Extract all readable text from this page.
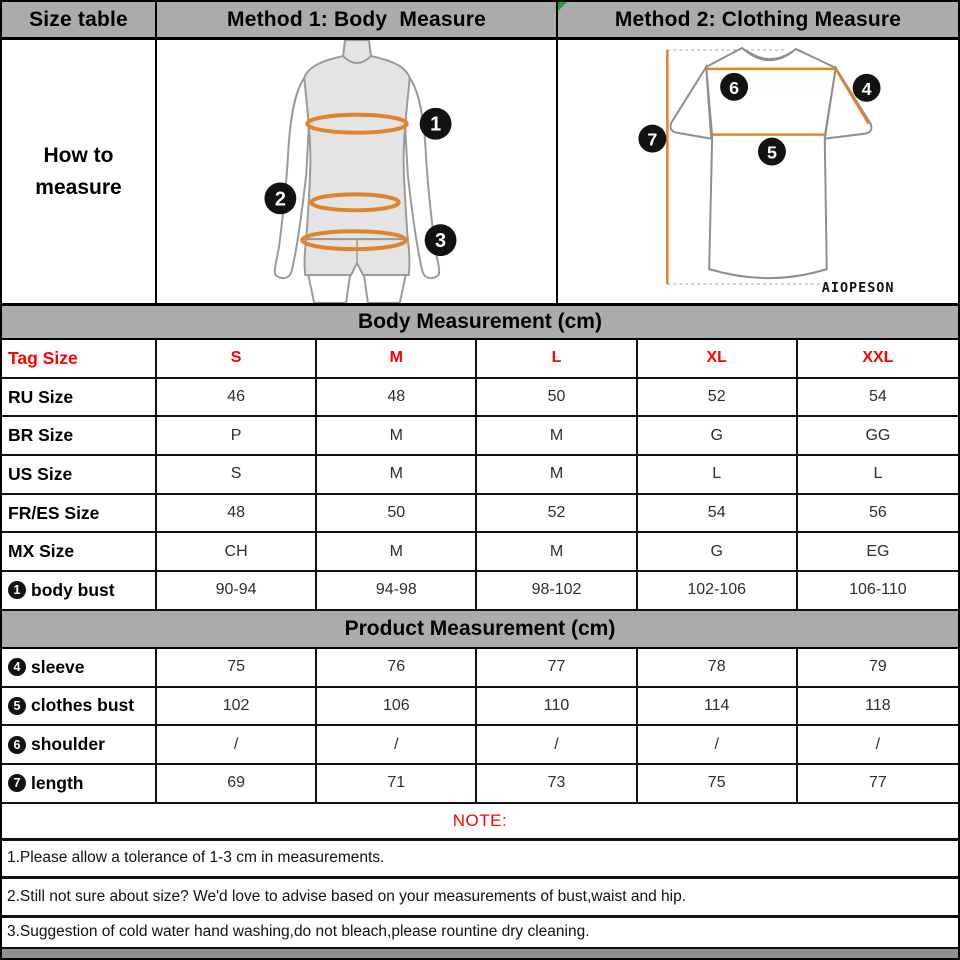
Size table	Method 1: Body  Measure	Method 2: Clothing Measure
How to
measure
1
2
3
6	4
7
5
AIOPESON
Body Measurement (cm)
Tag Size	S	M	L	XL	XXL
RU Size	46	48	50	52	54
BR Size	P	M	M	G	GG
US Size	S	M	M	L	L
FR/ES Size	48	50	52	54	56
MX Size	CH	M	M	G	EG
1 body bust	90-94	94-98	98-102	102-106	106-110
Product Measurement (cm)
4 sleeve	75	76	77	78	79
5 clothes bust	102	106	110	114	118
6 shoulder	/	/	/	/	/
7 length	69	71	73	75	77
NOTE:
1.Please allow a tolerance of 1-3 cm in measurements.
2.Still not sure about size? We'd love to advise based on your measurements of bust,waist and hip.
3.Suggestion of cold water hand washing,do not bleach,please rountine dry cleaning.
